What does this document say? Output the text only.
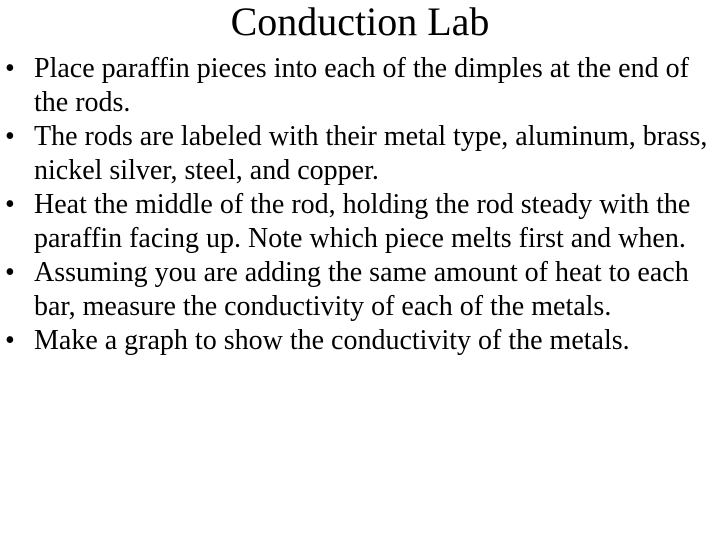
Conduction Lab
• Place paraffin pieces into each of the dimples at the end of the rods.
• The rods are labeled with their metal type, aluminum, brass, nickel silver, steel, and copper.
• Heat the middle of the rod, holding the rod steady with the paraffin facing up. Note which piece melts first and when.
• Assuming you are adding the same amount of heat to each bar, measure the conductivity of each of the metals.
• Make a graph to show the conductivity of the metals.
